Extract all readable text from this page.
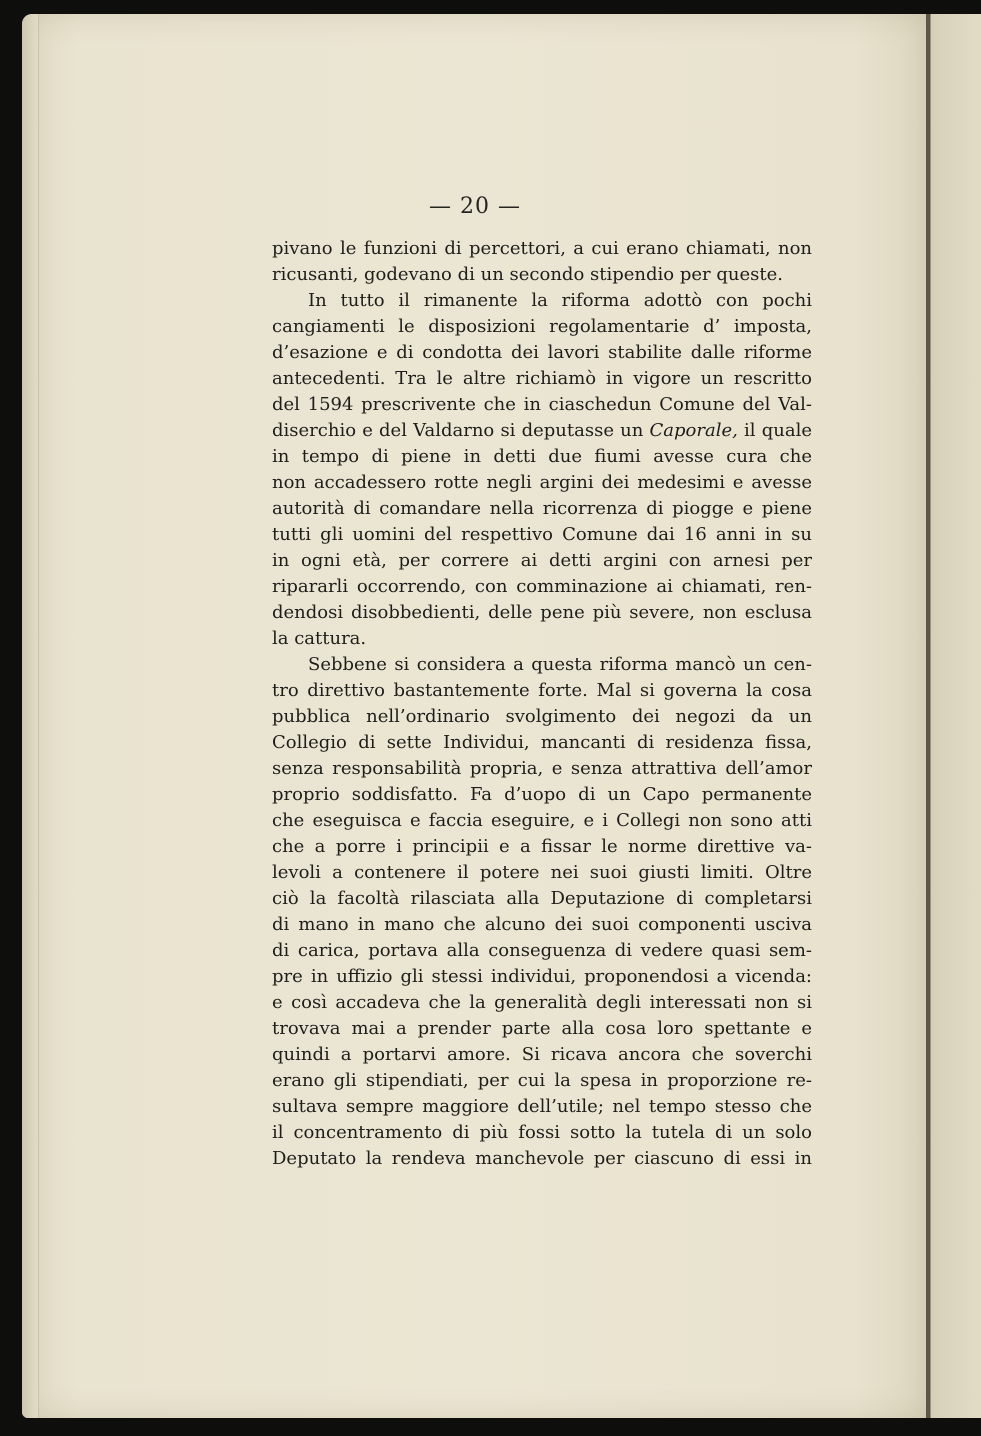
— 20 —
pivano le funzioni di percettori, a cui erano chiamati, non
ricusanti, godevano di un secondo stipendio per queste.
In tutto il rimanente la riforma adottò con pochi
cangiamenti le disposizioni regolamentarie d’ imposta,
d’esazione e di condotta dei lavori stabilite dalle riforme
antecedenti. Tra le altre richiamò in vigore un rescritto
del 1594 prescrivente che in ciaschedun Comune del Val-
diserchio e del Valdarno si deputasse un Caporale, il quale
in tempo di piene in detti due fiumi avesse cura che
non accadessero rotte negli argini dei medesimi e avesse
autorità di comandare nella ricorrenza di piogge e piene
tutti gli uomini del respettivo Comune dai 16 anni in su
in ogni età, per correre ai detti argini con arnesi per
ripararli occorrendo, con comminazione ai chiamati, ren-
dendosi disobbedienti, delle pene più severe, non esclusa
la cattura.
Sebbene si considera a questa riforma mancò un cen-
tro direttivo bastantemente forte. Mal si governa la cosa
pubblica nell’ordinario svolgimento dei negozi da un
Collegio di sette Individui, mancanti di residenza fissa,
senza responsabilità propria, e senza attrattiva dell’amor
proprio soddisfatto. Fa d’uopo di un Capo permanente
che eseguisca e faccia eseguire, e i Collegi non sono atti
che a porre i principii e a fissar le norme direttive va-
levoli a contenere il potere nei suoi giusti limiti. Oltre
ciò la facoltà rilasciata alla Deputazione di completarsi
di mano in mano che alcuno dei suoi componenti usciva
di carica, portava alla conseguenza di vedere quasi sem-
pre in uffizio gli stessi individui, proponendosi a vicenda:
e così accadeva che la generalità degli interessati non si
trovava mai a prender parte alla cosa loro spettante e
quindi a portarvi amore. Si ricava ancora che soverchi
erano gli stipendiati, per cui la spesa in proporzione re-
sultava sempre maggiore dell’utile; nel tempo stesso che
il concentramento di più fossi sotto la tutela di un solo
Deputato la rendeva manchevole per ciascuno di essi in
